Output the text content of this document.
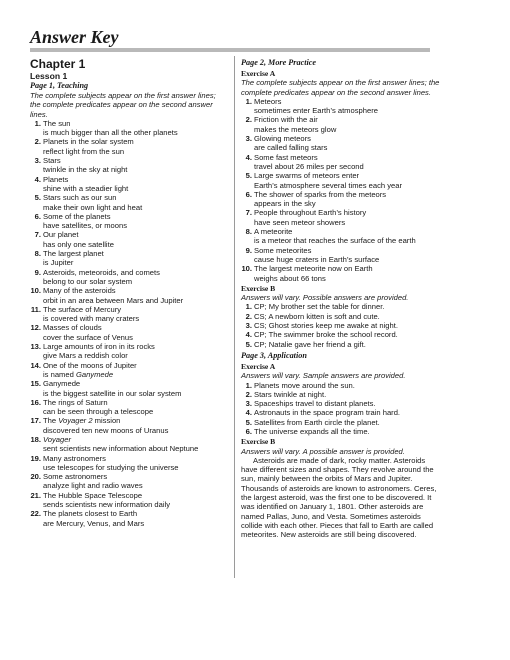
Answer Key
Chapter 1
Lesson 1
Page 1, Teaching
The complete subjects appear on the first answer lines; the complete predicates appear on the second answer lines.
1. The sun
is much bigger than all the other planets
2. Planets in the solar system
reflect light from the sun
3. Stars
twinkle in the sky at night
4. Planets
shine with a steadier light
5. Stars such as our sun
make their own light and heat
6. Some of the planets
have satellites, or moons
7. Our planet
has only one satellite
8. The largest planet
is Jupiter
9. Asteroids, meteoroids, and comets
belong to our solar system
10. Many of the asteroids
orbit in an area between Mars and Jupiter
11. The surface of Mercury
is covered with many craters
12. Masses of clouds
cover the surface of Venus
13. Large amounts of iron in its rocks
give Mars a reddish color
14. One of the moons of Jupiter
is named Ganymede
15. Ganymede
is the biggest satellite in our solar system
16. The rings of Saturn
can be seen through a telescope
17. The Voyager 2 mission
discovered ten new moons of Uranus
18. Voyager
sent scientists new information about Neptune
19. Many astronomers
use telescopes for studying the universe
20. Some astronomers
analyze light and radio waves
21. The Hubble Space Telescope
sends scientists new information daily
22. The planets closest to Earth
are Mercury, Venus, and Mars
Page 2, More Practice
Exercise A
The complete subjects appear on the first answer lines; the complete predicates appear on the second answer lines.
1. Meteors
sometimes enter Earth’s atmosphere
2. Friction with the air
makes the meteors glow
3. Glowing meteors
are called falling stars
4. Some fast meteors
travel about 26 miles per second
5. Large swarms of meteors enter
Earth’s atmosphere several times each year
6. The shower of sparks from the meteors
appears in the sky
7. People throughout Earth’s history
have seen meteor showers
8. A meteorite
is a meteor that reaches the surface of the earth
9. Some meteorites
cause huge craters in Earth’s surface
10. The largest meteorite now on Earth
weighs about 66 tons
Exercise B
Answers will vary. Possible answers are provided.
1. CP; My brother set the table for dinner.
2. CS; A newborn kitten is soft and cute.
3. CS; Ghost stories keep me awake at night.
4. CP; The swimmer broke the school record.
5. CP; Natalie gave her friend a gift.
Page 3, Application
Exercise A
Answers will vary. Sample answers are provided.
1. Planets move around the sun.
2. Stars twinkle at night.
3. Spaceships travel to distant planets.
4. Astronauts in the space program train hard.
5. Satellites from Earth circle the planet.
6. The universe expands all the time.
Exercise B
Answers will vary. A possible answer is provided.
Asteroids are made of dark, rocky matter. Asteroids have different sizes and shapes. They revolve around the sun, mainly between the orbits of Mars and Jupiter. Thousands of asteroids are known to astronomers. Ceres, the largest asteroid, was the first one to be discovered. It was identified on January 1, 1801. Other asteroids are named Pallas, Juno, and Vesta. Sometimes asteroids collide with each other. Pieces that fall to Earth are called meteorites. New asteroids are still being discovered.
